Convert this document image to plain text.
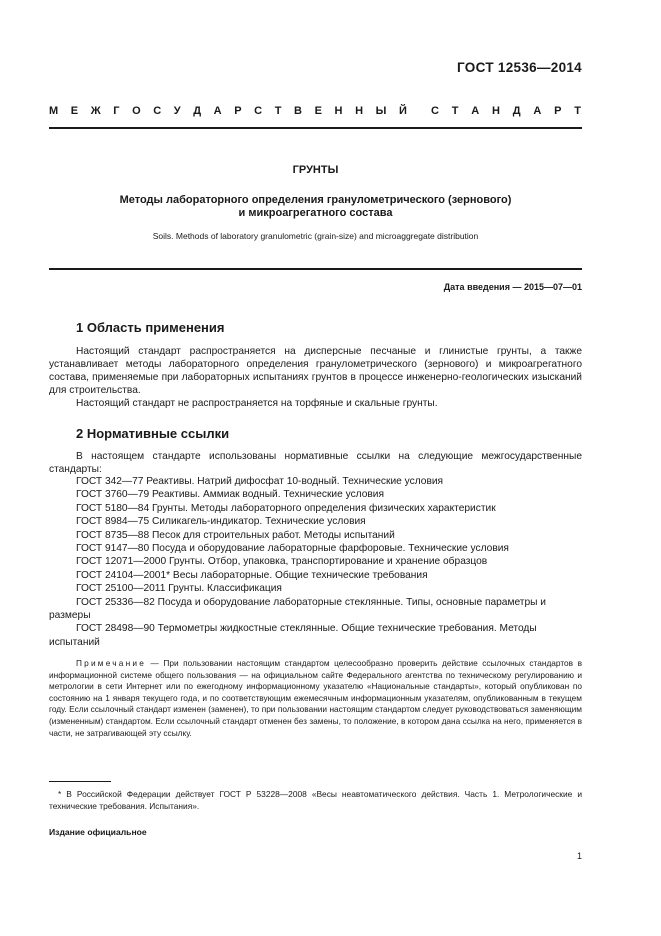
ГОСТ 12536—2014
М Е Ж Г О С У Д А Р С Т В Е Н Н Ы Й С Т А Н Д А Р Т
ГРУНТЫ
Методы лабораторного определения гранулометрического (зернового)
и микроагрегатного состава
Soils. Methods of laboratory granulometric (grain-size) and microaggregate distribution
Дата введения — 2015—07—01
1 Область применения
Настоящий стандарт распространяется на дисперсные песчаные и глинистые грунты, а также устанавливает методы лабораторного определения гранулометрического (зернового) и микроагрегатного состава, применяемые при лабораторных испытаниях грунтов в процессе инженерно-геологических изысканий для строительства.
Настоящий стандарт не распространяется на торфяные и скальные грунты.
2 Нормативные ссылки
В настоящем стандарте использованы нормативные ссылки на следующие межгосударственные стандарты:
ГОСТ 342—77 Реактивы. Натрий дифосфат 10-водный. Технические условия
ГОСТ 3760—79 Реактивы. Аммиак водный. Технические условия
ГОСТ 5180—84 Грунты. Методы лабораторного определения физических характеристик
ГОСТ 8984—75 Силикагель-индикатор. Технические условия
ГОСТ 8735—88 Песок для строительных работ. Методы испытаний
ГОСТ 9147—80 Посуда и оборудование лабораторные фарфоровые. Технические условия
ГОСТ 12071—2000 Грунты. Отбор, упаковка, транспортирование и хранение образцов
ГОСТ 24104—2001* Весы лабораторные. Общие технические требования
ГОСТ 25100—2011 Грунты. Классификация
ГОСТ 25336—82 Посуда и оборудование лабораторные стеклянные. Типы, основные параметры и размеры
ГОСТ 28498—90 Термометры жидкостные стеклянные. Общие технические требования. Методы испытаний
Примечание — При пользовании настоящим стандартом целесообразно проверить действие ссылочных стандартов в информационной системе общего пользования — на официальном сайте Федерального агентства по техническому регулированию и метрологии в сети Интернет или по ежегодному информационному указателю «Национальные стандарты», который опубликован по состоянию на 1 января текущего года, и по соответствующим ежемесячным информационным указателям, опубликованным в текущем году. Если ссылочный стандарт изменен (заменен), то при пользовании настоящим стандартом следует руководствоваться заменяющим (измененным) стандартом. Если ссылочный стандарт отменен без замены, то положение, в котором дана ссылка на него, применяется в части, не затрагивающей эту ссылку.
* В Российской Федерации действует ГОСТ Р 53228—2008 «Весы неавтоматического действия. Часть 1. Метрологические и технические требования. Испытания».
Издание официальное
1
